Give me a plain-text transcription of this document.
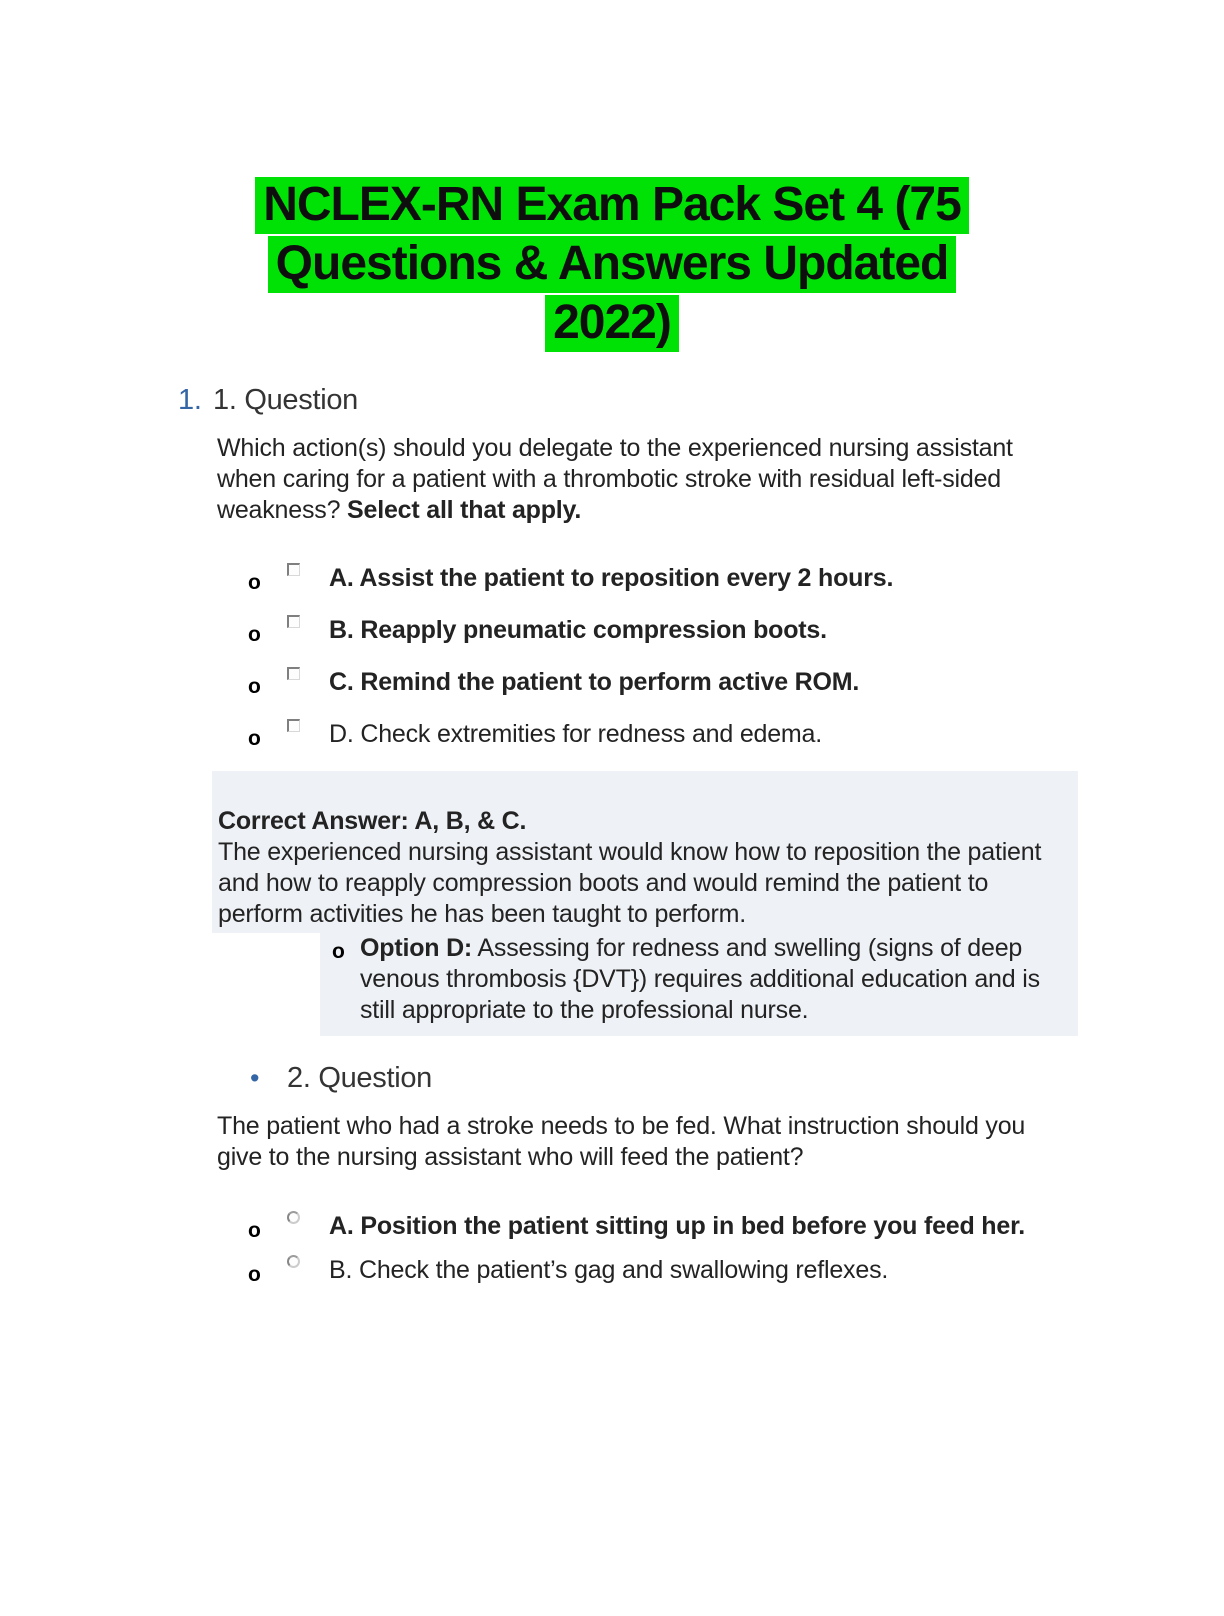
NCLEX-RN Exam Pack Set 4 (75
Questions & Answers Updated
2022)
1. 1. Question

Which action(s) should you delegate to the experienced nursing assistant when caring for a patient with a thrombotic stroke with residual left-sided weakness? Select all that apply.

o	A. Assist the patient to reposition every 2 hours.
o	B. Reapply pneumatic compression boots.
o	C. Remind the patient to perform active ROM.
o	D. Check extremities for redness and edema.

Correct Answer: A, B, & C.

The experienced nursing assistant would know how to reposition the patient and how to reapply compression boots and would remind the patient to perform activities he has been taught to perform.

o Option D: Assessing for redness and swelling (signs of deep venous thrombosis {DVT}) requires additional education and is still appropriate to the professional nurse.

• 2. Question

The patient who had a stroke needs to be fed. What instruction should you give to the nursing assistant who will feed the patient?

o	A. Position the patient sitting up in bed before you feed her.
o	B. Check the patient’s gag and swallowing reflexes.
